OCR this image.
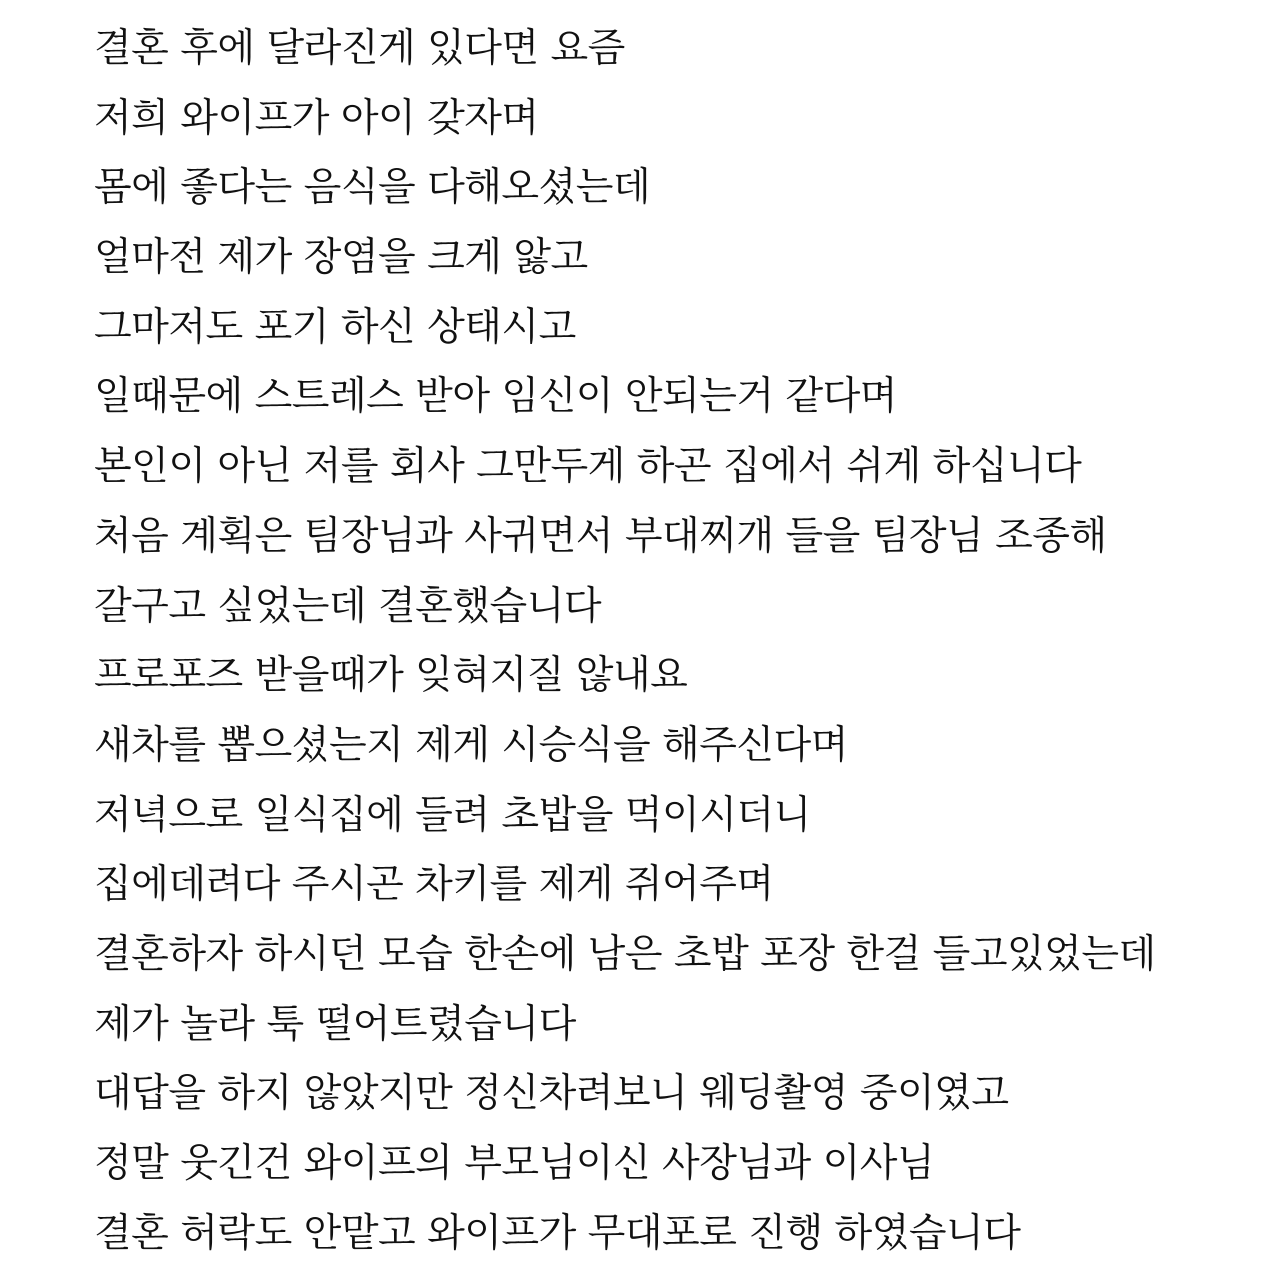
결혼 후에 달라진게 있다면 요즘
저희 와이프가 아이 갖자며
몸에 좋다는 음식을 다해오셨는데
얼마전 제가 장염을 크게 앓고
그마저도 포기 하신 상태시고
일때문에 스트레스 받아 임신이 안되는거 같다며
본인이 아닌 저를 회사 그만두게 하곤 집에서 쉬게 하십니다
처음 계획은 팀장님과 사귀면서 부대찌개 들을 팀장님 조종해
갈구고 싶었는데 결혼했습니다
프로포즈 받을때가 잊혀지질 않내요
새차를 뽑으셨는지 제게 시승식을 해주신다며
저녁으로 일식집에 들려 초밥을 먹이시더니
집에데려다 주시곤 차키를 제게 쥐어주며
결혼하자 하시던 모습 한손에 남은 초밥 포장 한걸 들고있었는데
제가 놀라 툭 떨어트렸습니다
대답을 하지 않았지만 정신차려보니 웨딩촬영 중이였고
정말 웃긴건 와이프의 부모님이신 사장님과 이사님
결혼 허락도 안맡고 와이프가 무대포로 진행 하였습니다
